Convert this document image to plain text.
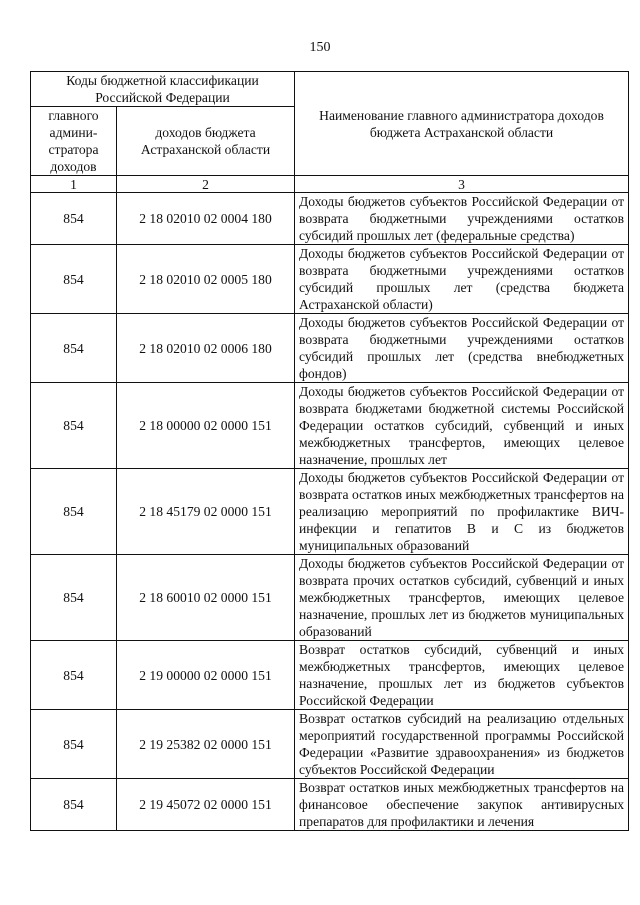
150
Коды бюджетной классификации Российской Федерации		Наименование главного администратора доходов бюджета Астраханской области
главного админи-стратора доходов	доходов бюджета Астраханской области	
1	2	3
854	2 18 02010 02 0004 180	Доходы бюджетов субъектов Российской Федерации от возврата бюджетными учреждениями остатков субсидий прошлых лет (федеральные средства)
854	2 18 02010 02 0005 180	Доходы бюджетов субъектов Российской Федерации от возврата бюджетными учреждениями остатков субсидий прошлых лет (средства бюджета Астраханской области)
854	2 18 02010 02 0006 180	Доходы бюджетов субъектов Российской Федерации от возврата бюджетными учреждениями остатков субсидий прошлых лет (средства внебюджетных фондов)
854	2 18 00000 02 0000 151	Доходы бюджетов субъектов Российской Федерации от возврата бюджетами бюджетной системы Российской Федерации остатков субсидий, субвенций и иных межбюджетных трансфертов, имеющих целевое назначение, прошлых лет
854	2 18 45179 02 0000 151	Доходы бюджетов субъектов Российской Федерации от возврата остатков иных межбюджетных трансфертов на реализацию мероприятий по профилактике ВИЧ-инфекции и гепатитов В и С из бюджетов муниципальных образований
854	2 18 60010 02 0000 151	Доходы бюджетов субъектов Российской Федерации от возврата прочих остатков субсидий, субвенций и иных межбюджетных трансфертов, имеющих целевое назначение, прошлых лет из бюджетов муниципальных образований
854	2 19 00000 02 0000 151	Возврат остатков субсидий, субвенций и иных межбюджетных трансфертов, имеющих целевое назначение, прошлых лет из бюджетов субъектов Российской Федерации
854	2 19 25382 02 0000 151	Возврат остатков субсидий на реализацию отдельных мероприятий государственной программы Российской Федерации «Развитие здравоохранения» из бюджетов субъектов Российской Федерации
854	2 19 45072 02 0000 151	Возврат остатков иных межбюджетных трансфертов на финансовое обеспечение закупок антивирусных препаратов для профилактики и лечения
